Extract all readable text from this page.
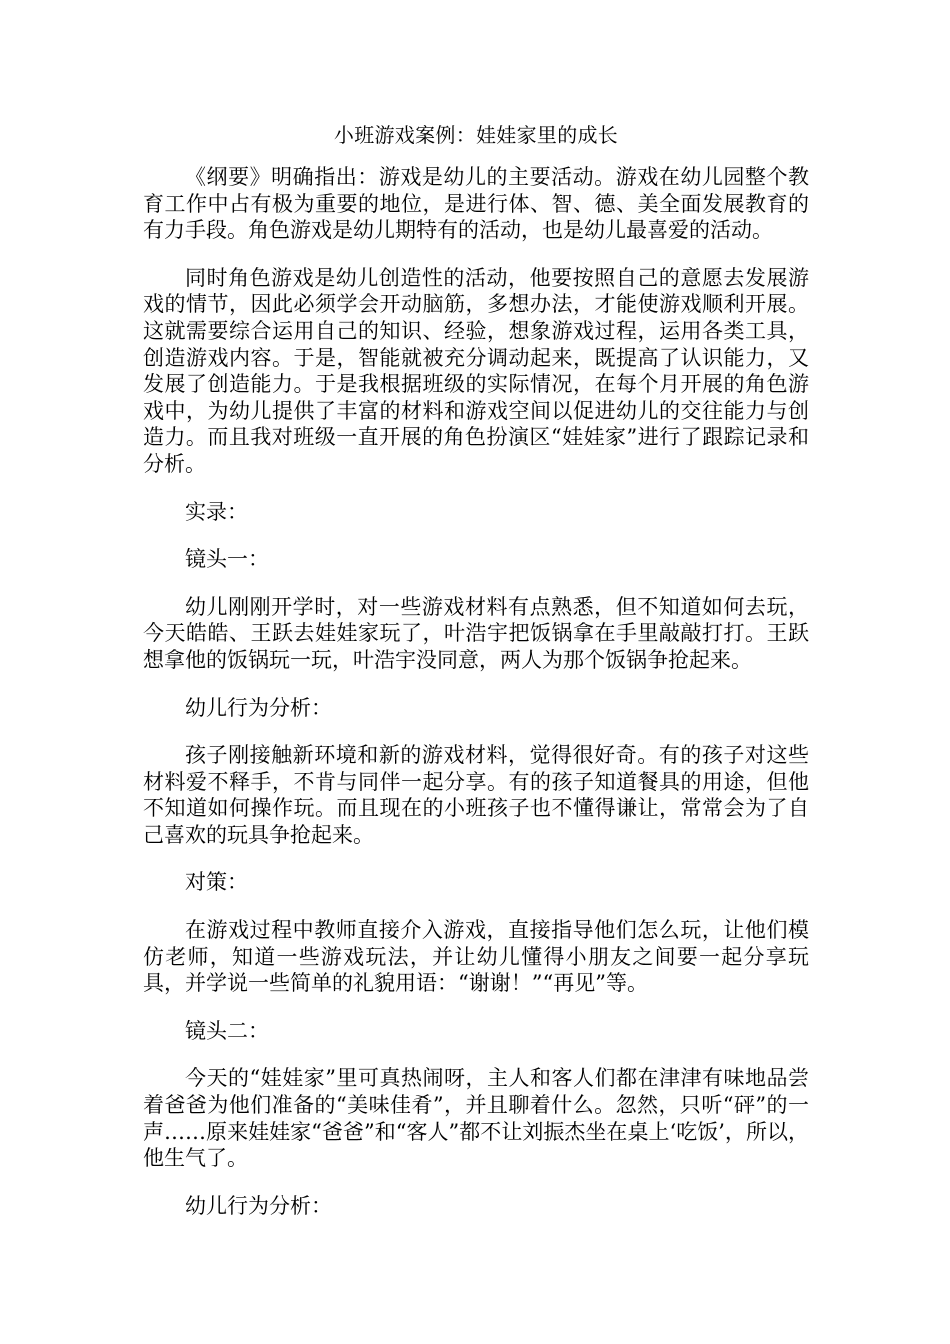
小班游戏案例：娃娃家里的成长

《纲要》明确指出：游戏是幼儿的主要活动。游戏在幼儿园整个教育工作中占有极为重要的地位，是进行体、智、德、美全面发展教育的有力手段。角色游戏是幼儿期特有的活动，也是幼儿最喜爱的活动。

同时角色游戏是幼儿创造性的活动，他要按照自己的意愿去发展游戏的情节，因此必须学会开动脑筋，多想办法，才能使游戏顺利开展。这就需要综合运用自己的知识、经验，想象游戏过程，运用各类工具，创造游戏内容。于是，智能就被充分调动起来，既提高了认识能力，又发展了创造能力。于是我根据班级的实际情况，在每个月开展的角色游戏中，为幼儿提供了丰富的材料和游戏空间以促进幼儿的交往能力与创造力。而且我对班级一直开展的角色扮演区“娃娃家”进行了跟踪记录和分析。

实录：

镜头一：

幼儿刚刚开学时，对一些游戏材料有点熟悉，但不知道如何去玩，今天皓皓、王跃去娃娃家玩了，叶浩宇把饭锅拿在手里敲敲打打。王跃想拿他的饭锅玩一玩，叶浩宇没同意，两人为那个饭锅争抢起来。

幼儿行为分析：

孩子刚接触新环境和新的游戏材料，觉得很好奇。有的孩子对这些材料爱不释手，不肯与同伴一起分享。有的孩子知道餐具的用途，但他不知道如何操作玩。而且现在的小班孩子也不懂得谦让，常常会为了自己喜欢的玩具争抢起来。

对策：

在游戏过程中教师直接介入游戏，直接指导他们怎么玩，让他们模仿老师，知道一些游戏玩法，并让幼儿懂得小朋友之间要一起分享玩具，并学说一些简单的礼貌用语：“谢谢！”“再见”等。

镜头二：

今天的“娃娃家”里可真热闹呀，主人和客人们都在津津有味地品尝着爸爸为他们准备的“美味佳肴”，并且聊着什么。忽然，只听“砰”的一声……原来娃娃家“爸爸”和“客人”都不让刘振杰坐在桌上‘吃饭’，所以，他生气了。

幼儿行为分析：
